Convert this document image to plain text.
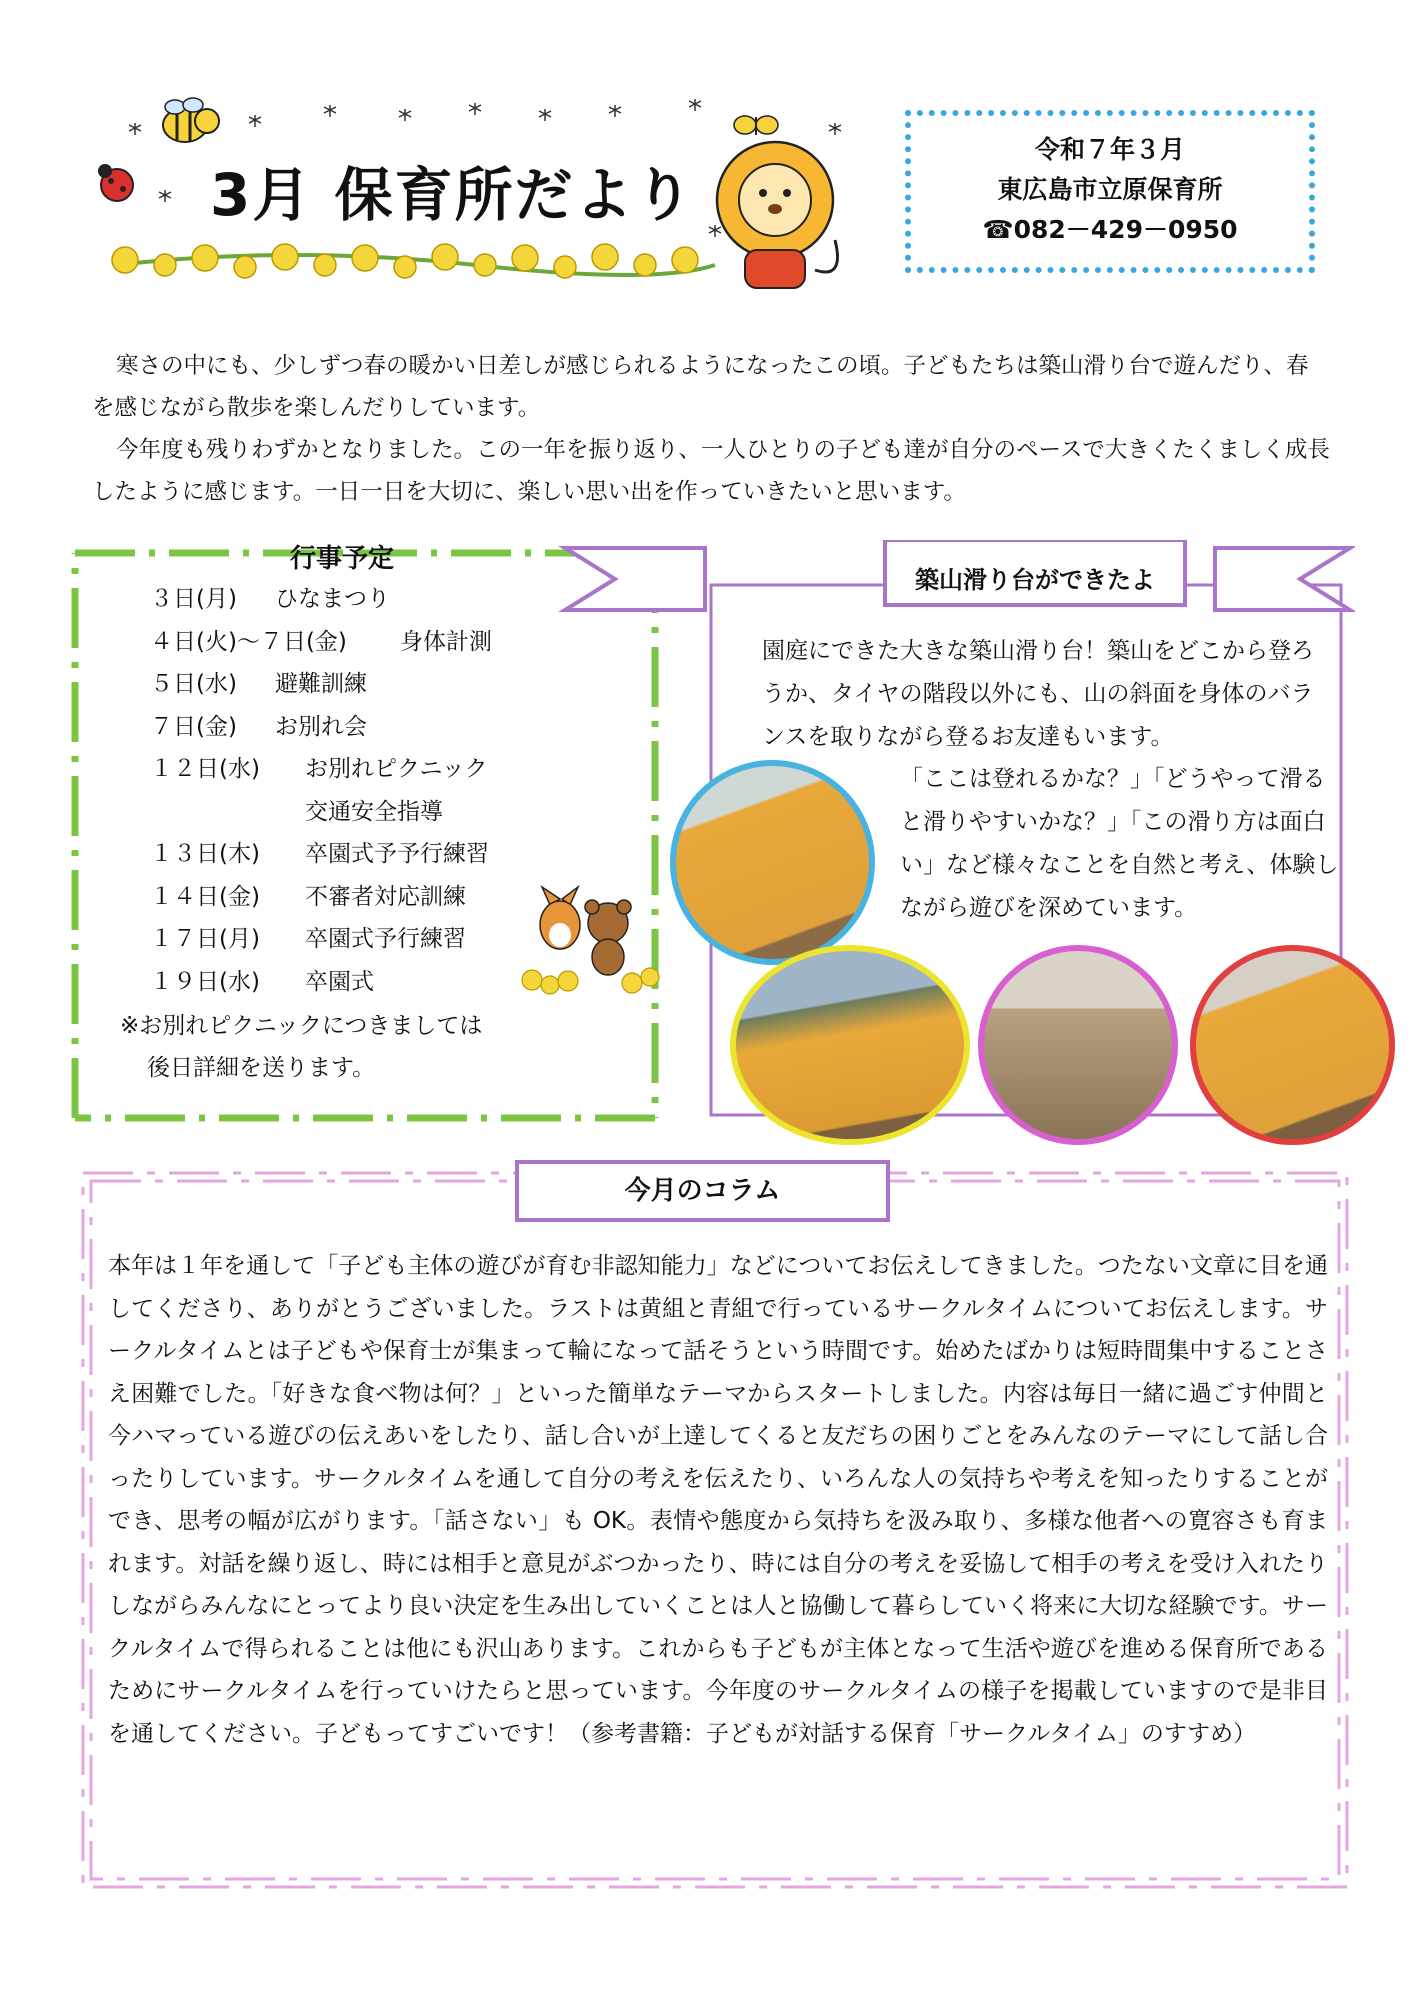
3月 保育所だより
令和７年３月
東広島市立原保育所
☎082－429－0950

寒さの中にも、少しずつ春の暖かい日差しが感じられるようになったこの頃。子どもたちは築山滑り台で遊んだり、春を感じながら散歩を楽しんだりしています。

今年度も残りわずかとなりました。この一年を振り返り、一人ひとりの子ども達が自分のペースで大きくたくましく成長したように感じます。一日一日を大切に、楽しい思い出を作っていきたいと思います。

行事予定
３日(月) ひなまつり
４日(火)～７日(金) 身体計測
５日(水) 避難訓練
７日(金) お別れ会
１２日(水) お別れピクニック
交通安全指導
１３日(木) 卒園式予予行練習
１４日(金) 不審者対応訓練
１７日(月) 卒園式予行練習
１９日(水) 卒園式
※お別れピクニックにつきましては
後日詳細を送ります。
築山滑り台ができたよ
園庭にできた大きな築山滑り台！築山をどこから登ろうか、タイヤの階段以外にも、山の斜面を身体のバランスを取りながら登るお友達もいます。
「ここは登れるかな？」「どうやって滑ると滑りやすいかな？」「この滑り方は面白い」など様々なことを自然と考え、体験しながら遊びを深めています。
今月のコラム
本年は１年を通して「子ども主体の遊びが育む非認知能力」などについてお伝えしてきました。つたない文章に目を通してくださり、ありがとうございました。ラストは黄組と青組で行っているサークルタイムについてお伝えします。サークルタイムとは子どもや保育士が集まって輪になって話そうという時間です。始めたばかりは短時間集中することさえ困難でした。「好きな食べ物は何？」といった簡単なテーマからスタートしました。内容は毎日一緒に過ごす仲間と今ハマっている遊びの伝えあいをしたり、話し合いが上達してくると友だちの困りごとをみんなのテーマにして話し合ったりしています。サークルタイムを通して自分の考えを伝えたり、いろんな人の気持ちや考えを知ったりすることができ、思考の幅が広がります。「話さない」も OK。表情や態度から気持ちを汲み取り、多様な他者への寛容さも育まれます。対話を繰り返し、時には相手と意見がぶつかったり、時には自分の考えを妥協して相手の考えを受け入れたりしながらみんなにとってより良い決定を生み出していくことは人と協働して暮らしていく将来に大切な経験です。サークルタイムで得られることは他にも沢山あります。これからも子どもが主体となって生活や遊びを進める保育所であるためにサークルタイムを行っていけたらと思っています。今年度のサークルタイムの様子を掲載していますので是非目を通してください。子どもってすごいです！（参考書籍：子どもが対話する保育「サークルタイム」のすすめ）
